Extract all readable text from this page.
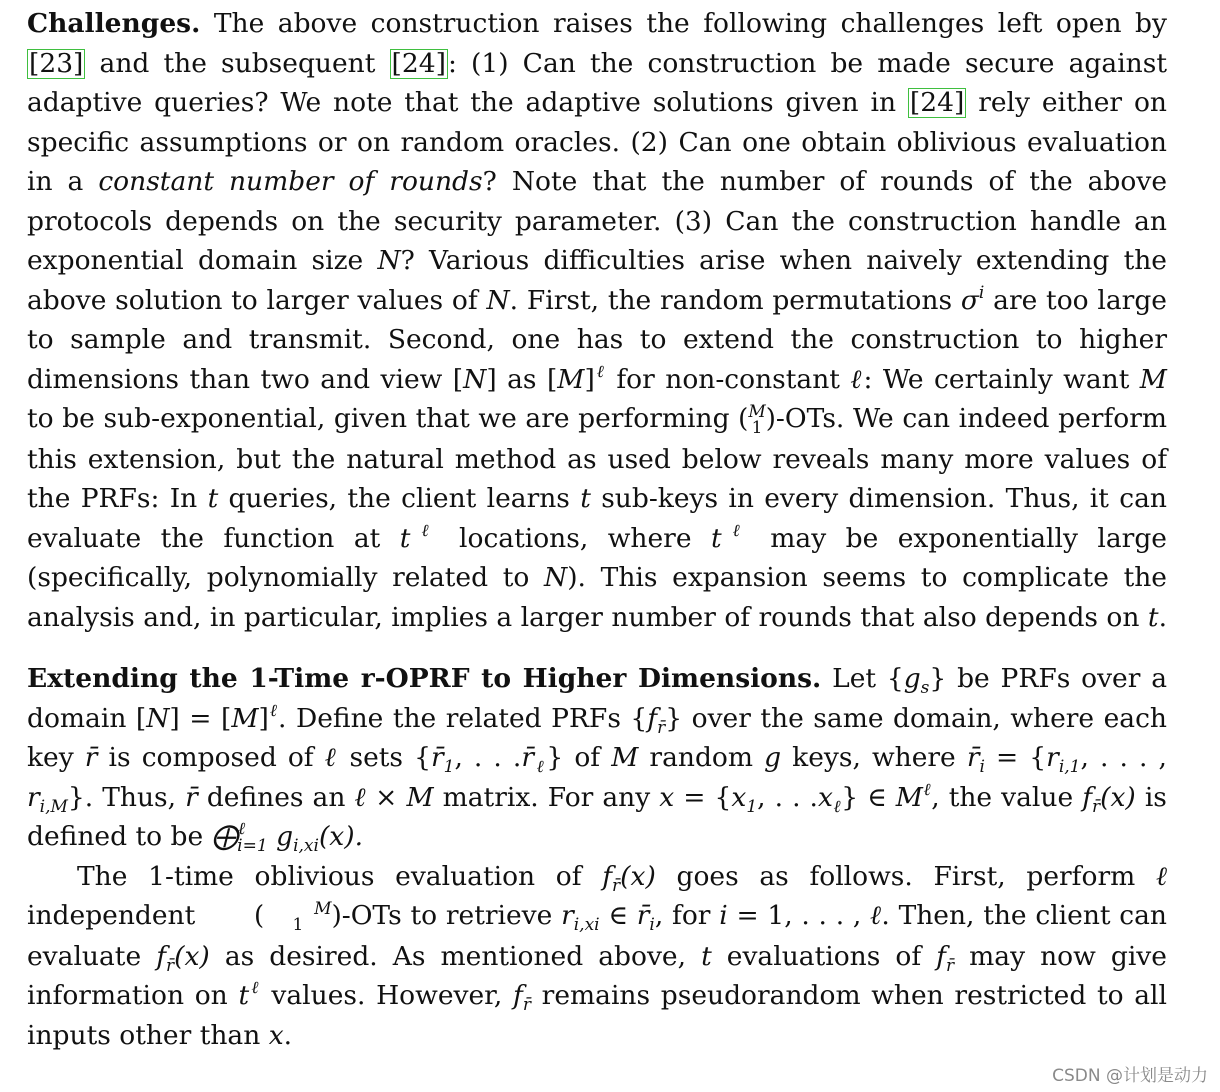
Challenges. The above construction raises the following challenges left open by [23] and the subsequent [24]: (1) Can the construction be made secure against adaptive queries? We note that the adaptive solutions given in [24] rely either on specific assumptions or on random oracles. (2) Can one obtain oblivious evaluation in a constant number of rounds? Note that the number of rounds of the above protocols depends on the security parameter. (3) Can the construction handle an exponential domain size N? Various difficulties arise when naively extending the above solution to larger values of N. First, the random permutations $\sigma^i$ are too large to sample and transmit. Second, one has to extend the construction to higher dimensions than two and view [N] as $[M]^\ell$ for non-constant ℓ: We certainly want M to be sub-exponential, given that we are performing (M
1 )-OTs. We can indeed perform this extension, but the natural method as used below reveals many more values of the PRFs: In t queries, the client learns t sub-keys in every dimension. Thus, it can evaluate the function at $t^\ell$ locations, where $t^\ell$ may be exponentially large (specifically, polynomially related to N). This expansion seems to complicate the analysis and, in particular, implies a larger number of rounds that also depends on t.

Extending the 1-Time r-OPRF to Higher Dimensions. Let $\{g_s\}$ be PRFs over a domain $[N] = [M]^\ell$. Define the related PRFs $\{f_{r̄}\}$ over the same domain, where each key r̄ is composed of ℓ sets {$r̄_1$, . . $.r̄_\ell$} of M random g keys, where $r̄_i = \{r_{i,1}$, . . . , $r_{i,M}$}. Thus, r̄ defines an ℓ × M matrix. For any $x = \{x_1$, . . $.x_\ell$} ∈ $M^\ell$, the value $f_{r̄}(x)$ is defined to be ⨁$^\ell_{i=1}$ $g_{i,xi}(x)$.

The 1-time oblivious evaluation of $f_{r̄}(x)$ goes as follows. First, perform ℓ independent (	M
1 )-OTs to retrieve $r_{i,xi}$ ∈ $r̄_i$, for i = 1, . . . , ℓ. Then, the client can evaluate $f_{r̄}(x)$ as desired. As mentioned above, t evaluations of $f_{r̄}$ may now give information on $t^\ell$ values. However, $f_{r̄}$ remains pseudorandom when restricted to all inputs other than x.

CSDN @计划是动力
